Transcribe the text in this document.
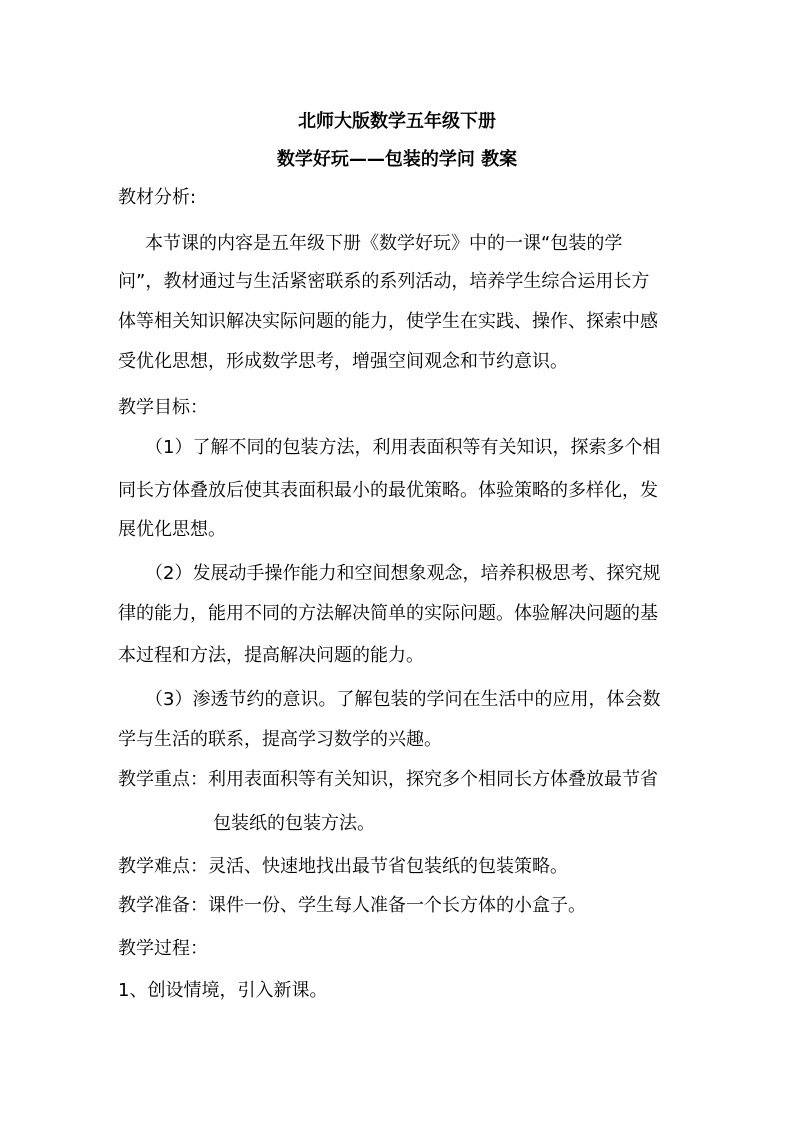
北师大版数学五年级下册
数学好玩——包装的学问 教案
教材分析:
本节课的内容是五年级下册《数学好玩》中的一课“包装的学
问”，教材通过与生活紧密联系的系列活动，培养学生综合运用长方
体等相关知识解决实际问题的能力，使学生在实践、操作、探索中感
受优化思想，形成数学思考，增强空间观念和节约意识。
教学目标：
（1）了解不同的包装方法，利用表面积等有关知识，探索多个相
同长方体叠放后使其表面积最小的最优策略。体验策略的多样化，发
展优化思想。
（2）发展动手操作能力和空间想象观念，培养积极思考、探究规
律的能力，能用不同的方法解决简单的实际问题。体验解决问题的基
本过程和方法，提高解决问题的能力。
（3）渗透节约的意识。了解包装的学问在生活中的应用，体会数
学与生活的联系，提高学习数学的兴趣。
教学重点：利用表面积等有关知识，探究多个相同长方体叠放最节省
包装纸的包装方法。
教学难点：灵活、快速地找出最节省包装纸的包装策略。
教学准备：课件一份、学生每人准备一个长方体的小盒子。
教学过程：
1、创设情境，引入新课。
